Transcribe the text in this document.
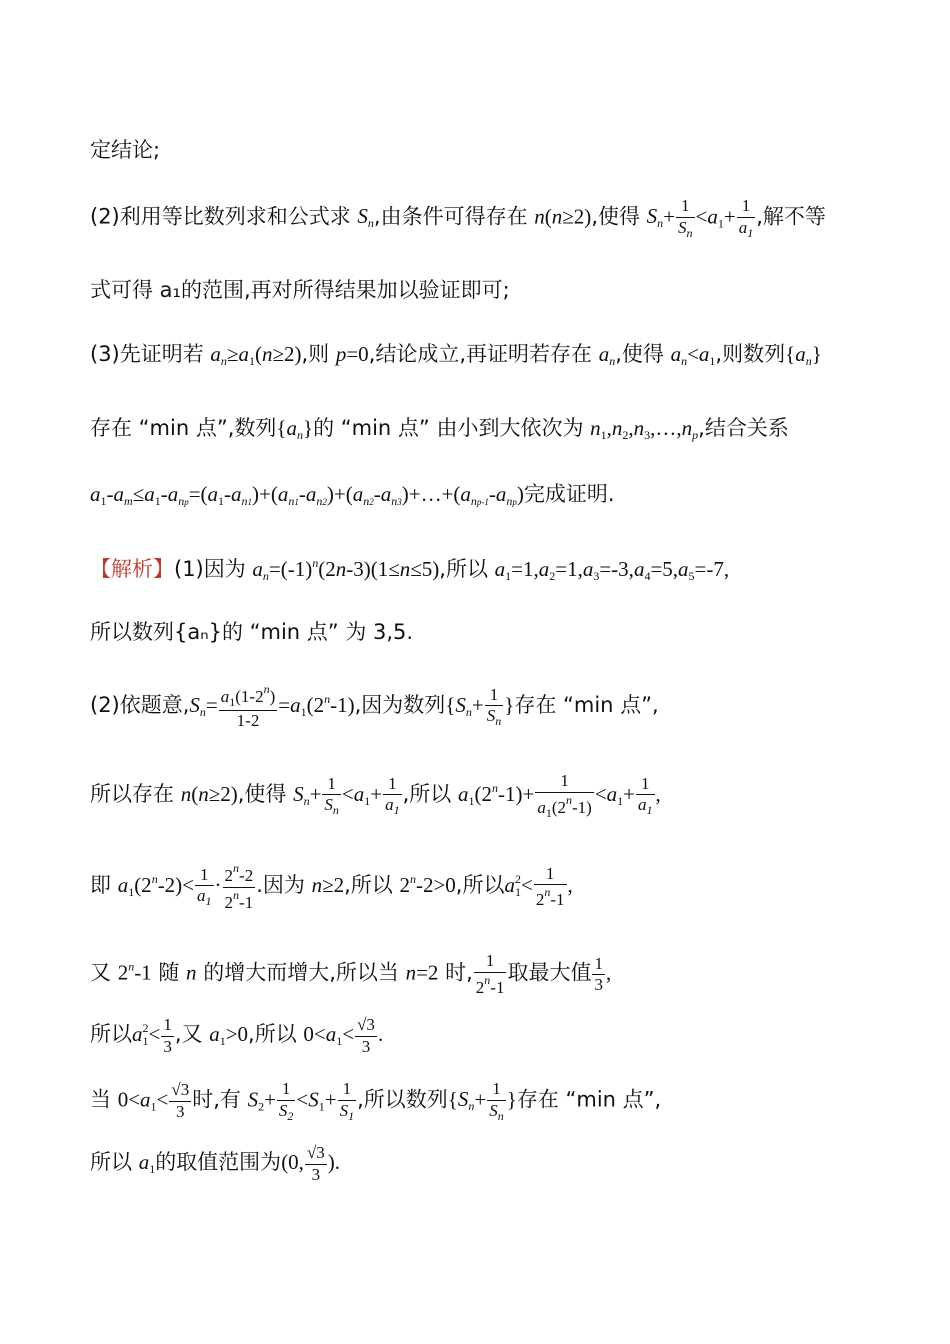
定结论;
(2)利用等比数列求和公式求 $S_n$,由条件可得存在 n(n≥2),使得 $S_n+ \frac{1}{S_n} <a_1+ \frac{1}{a_1}$ ,解不等
式可得 a₁的范围,再对所得结果加以验证即可;
(3)先证明若 $a_n\ge a_1(n\ge 2)$,则 p=0,结论成立,再证明若存在 $a_n$,使得 $a_n<a_1$,则数列$\{a_n\}$
存在 “min 点”,数列$\{a_n\}$的 “min 点” 由小到大依次为 $n_1,n_2,n_3,\dots,n_p$,结合关系
$a_1-a_m\le a_1-a_{np}=(a_1-a_{n1})+(a_{n1}-a_{n2})+(a_{n2}-a_{n3})+\dots+(a_{np-1}-a_{np})$完成证明.
【解析】(1)因为 $a_n=(-1)^n(2n-3)(1\le n\le 5)$,所以 $a_1=1,a_2=1,a_3=-3,a_4=5,a_5=-7$,
所以数列{aₙ}的 “min 点” 为 3,5.
(2)依题意$,S_n= \frac{a_1(1-2^n)}{1-2} =a_1(2^n-1)$,因为数列{$S_n+ \frac{1}{S_n}$ }存在 “min 点”,
所以存在 n(n≥2),使得 $S_n+ \frac{1}{S_n} <a_1+ \frac{1}{a_1}$ ,所以 $a_1(2^n-1)+ \frac{1}{a_1(2^n-1)} <a_1+ \frac{1}{a_1}$ ,
即 $a_1(2^n-2)< \frac{1}{a_1} \cdot \frac{2^n-2}{2^n-1}$ .因为 n≥2,所以 $2^n-2>0$,所以$a_1^2< \frac{1}{2^n-1}$ ,
又 2$^n$-1 随 n 的增大而增大,所以当 n=2 时, $\frac{1}{2^n-1}$ 取最大值 $\frac{1}{3}$ ,
所以$a_1^2< \frac{1}{3}$ ,又 $a_1>0$,所以 $0<a_1< \frac{√3}{3}$ .
当 $0<a_1< \frac{√3}{3}$ 时,有 $S_2+ \frac{1}{S_2} <S_1+ \frac{1}{S_1}$ ,所以数列{$S_n+ \frac{1}{S_n}$ }存在 “min 点”,
所以 $a_1$的取值范围为(0, $\frac{√3}{3}$ ).
